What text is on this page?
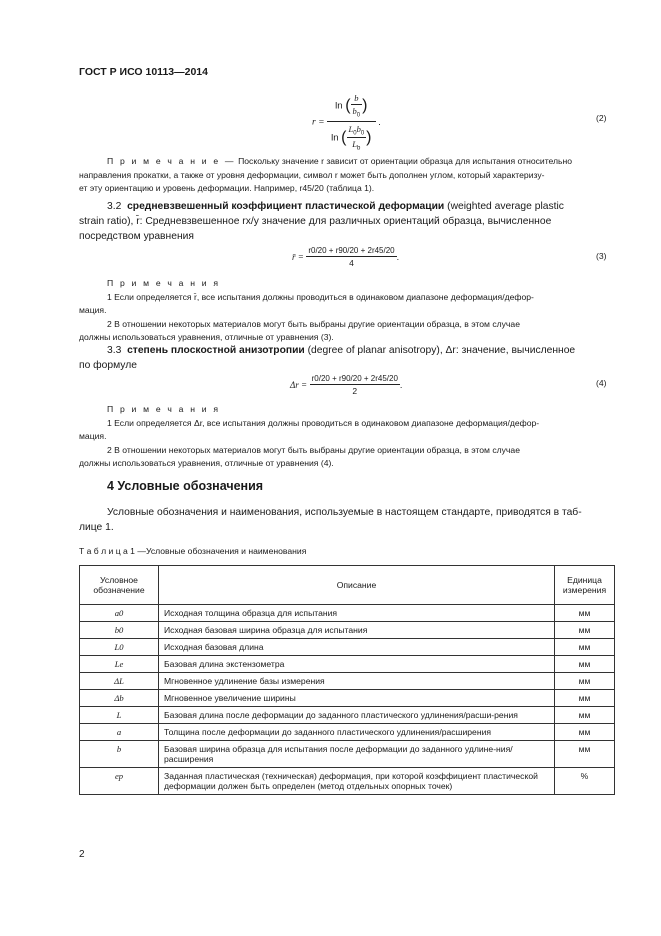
ГОСТ Р ИСО 10113—2014
$r = \frac{\ln ( \frac{b}{b_0} )}{\ln ( \frac{L_0b_0}{L_b} )}$ .	(2)
П р и м е ч а н и е — Поскольку значение r зависит от ориентации образца для испытания относительно
направления прокатки, а также от уровня деформации, символ r может быть дополнен углом, который характеризу-
ет эту ориентацию и уровень деформации. Например, r45/20 (таблица 1).
3.2 средневзвешенный коэффициент пластической деформации (weighted average plastic
strain ratio), r̄: Средневзвешенное rx/y значение для различных ориентаций образца, вычисленное
посредством уравнения
r̄ = $\frac{r0/20 + r90/20 + 2r45/20}{4}$ .	(3)
П р и м е ч а н и я
1 Если определяется r̄, все испытания должны проводиться в одинаковом диапазоне деформация/дефор-
мация.
2 В отношении некоторых материалов могут быть выбраны другие ориентации образца, в этом случае
должны использоваться уравнения, отличные от уравнения (3).
3.3 степень плоскостной анизотропии (degree of planar anisotropy), Δr: значение, вычисленное
по формуле
$\Delta r = \frac{r0/20 + r90/20 + 2r45/20}{2}$ .	(4)
П р и м е ч а н и я
1 Если определяется Δr, все испытания должны проводиться в одинаковом диапазоне деформация/дефор-
мация.
2 В отношении некоторых материалов могут быть выбраны другие ориентации образца, в этом случае
должны использоваться уравнения, отличные от уравнения (4).
4 Условные обозначения
Условные обозначения и наименования, используемые в настоящем стандарте, приводятся в таб-
лице 1.
Т а б л и ц а 1 —Условные обозначения и наименования
Условное обозначение	Описание	Единица измерения
a0	Исходная толщина образца для испытания	мм
b0	Исходная базовая ширина образца для испытания	мм
L0	Исходная базовая длина	мм
Le	Базовая длина экстензометра	мм
ΔL	Мгновенное удлинение базы измерения	мм
Δb	Мгновенное увеличение ширины	мм
L	Базовая длина после деформации до заданного пластического удлинения/расши-рения	мм
a	Толщина после деформации до заданного пластического удлинения/расширения	мм
b	Базовая ширина образца для испытания после деформации до заданного удлине-ния/расширения	мм
ep	Заданная пластическая (техническая) деформация, при которой коэффициент пластической деформации должен быть определен (метод отдельных опорных точек)	%
2
